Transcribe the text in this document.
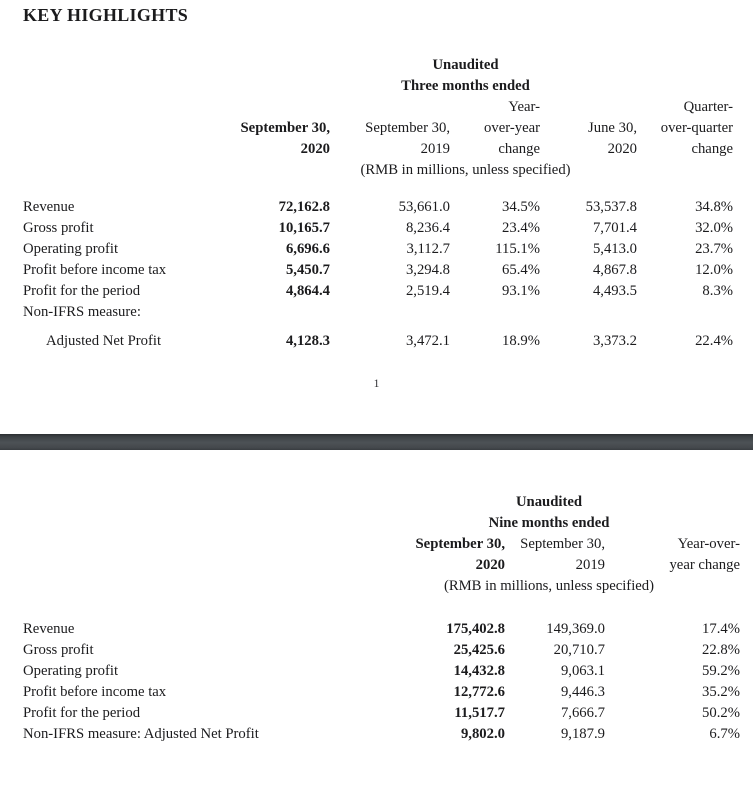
KEY HIGHLIGHTS
	Unaudited				
	Three months ended				
			Year-		Quarter-
	September 30,	September 30,	over-year	June 30,	over-quarter
	2020	2019	change	2020	change
	(RMB in millions, unless specified)				

Revenue	72,162.8	53,661.0	34.5%	53,537.8	34.8%
Gross profit	10,165.7	8,236.4	23.4%	7,701.4	32.0%
Operating profit	6,696.6	3,112.7	115.1%	5,413.0	23.7%
Profit before income tax	5,450.7	3,294.8	65.4%	4,867.8	12.0%
Profit for the period	4,864.4	2,519.4	93.1%	4,493.5	8.3%
Non-IFRS measure:					
Adjusted Net Profit	4,128.3	3,472.1	18.9%	3,373.2	22.4%
1
	Unaudited		
	Nine months ended		
	September 30,	September 30,	Year-over-
	2020	2019	year change
	(RMB in millions, unless specified)		

Revenue	175,402.8	149,369.0	17.4%
Gross profit	25,425.6	20,710.7	22.8%
Operating profit	14,432.8	9,063.1	59.2%
Profit before income tax	12,772.6	9,446.3	35.2%
Profit for the period	11,517.7	7,666.7	50.2%
Non-IFRS measure: Adjusted Net Profit	9,802.0	9,187.9	6.7%
